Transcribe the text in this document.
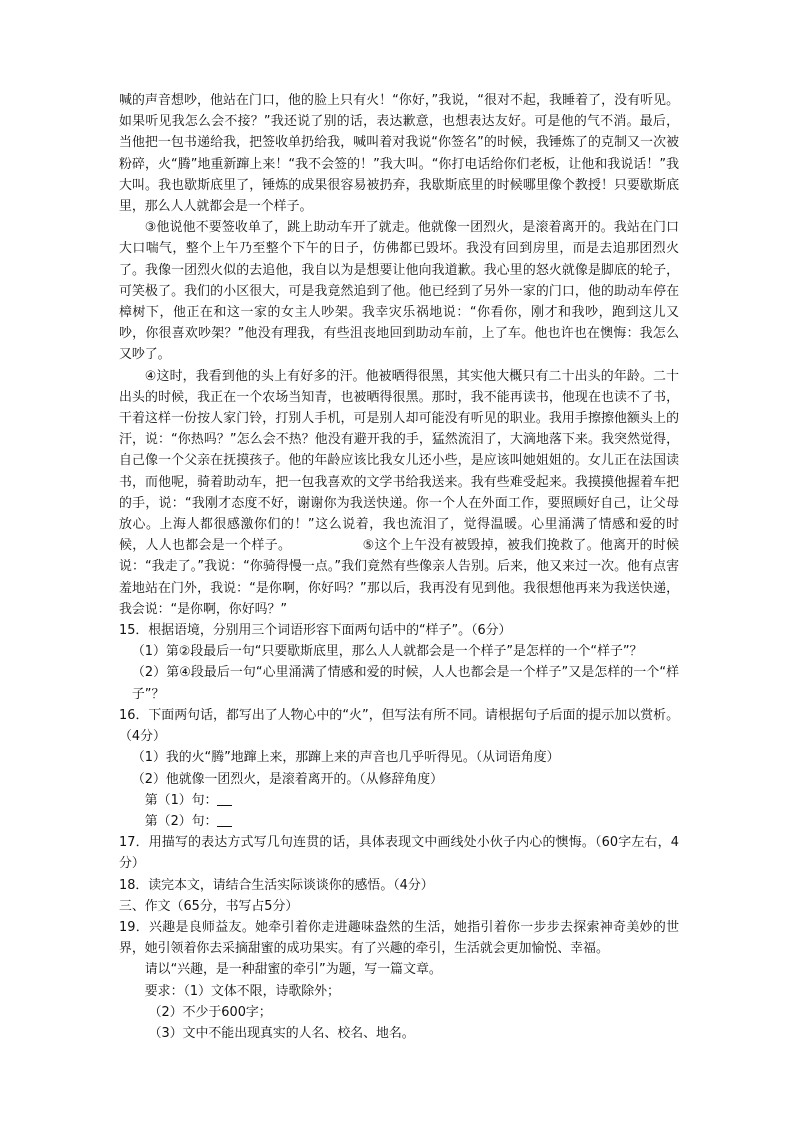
喊的声音想吵，他站在门口，他的脸上只有火！“你好，”我说，“很对不起，我睡着了，没有听见。如果听见我怎么会不接？”我还说了别的话，表达歉意，也想表达友好。可是他的气不消。最后，当他把一包书递给我，把签收单扔给我，喊叫着对我说“你签名”的时候，我锤炼了的克制又一次被粉碎，火“腾”地重新蹿上来！“我不会签的！”我大叫。“你打电话给你们老板，让他和我说话！”我大叫。我也歇斯底里了，锤炼的成果很容易被扔弃，我歇斯底里的时候哪里像个教授！只要歇斯底里，那么人人就都会是一个样子。

③他说他不要签收单了，跳上助动车开了就走。他就像一团烈火，是滚着离开的。我站在门口大口喘气，整个上午乃至整个下午的日子，仿佛都已毁坏。我没有回到房里，而是去追那团烈火了。我像一团烈火似的去追他，我自以为是想要让他向我道歉。我心里的怒火就像是脚底的轮子，可笑极了。我们的小区很大，可是我竟然追到了他。他已经到了另外一家的门口，他的助动车停在樟树下，他正在和这一家的女主人吵架。我幸灾乐祸地说：“你看你，刚才和我吵，跑到这儿又吵，你很喜欢吵架？”他没有理我，有些沮丧地回到助动车前，上了车。他也许也在懊悔：我怎么又吵了。

④这时，我看到他的头上有好多的汗。他被晒得很黑，其实他大概只有二十出头的年龄。二十出头的时候，我正在一个农场当知青，也被晒得很黑。那时，我不能再读书，他现在也读不了书，干着这样一份按人家门铃，打别人手机，可是别人却可能没有听见的职业。我用手擦擦他额头上的汗，说：“你热吗？”怎么会不热？他没有避开我的手，猛然流泪了，大滴地落下来。我突然觉得，自己像一个父亲在抚摸孩子。他的年龄应该比我女儿还小些，是应该叫她姐姐的。女儿正在法国读书，而他呢，骑着助动车，把一包我喜欢的文学书给我送来。我有些难受起来。我摸摸他握着车把的手，说：“我刚才态度不好，谢谢你为我送快递。你一个人在外面工作，要照顾好自己，让父母放心。上海人都很感激你们的！”这么说着，我也流泪了，觉得温暖。心里涌满了情感和爱的时候，人人也都会是一个样子。	⑤这个上午没有被毁掉，被我们挽救了。他离开的时候说：“我走了。”我说：“你骑得慢一点。”我们竟然有些像亲人告别。后来，他又来过一次。他有点害羞地站在门外，我说：“是你啊，你好吗？”那以后，我再没有见到他。我很想他再来为我送快递，我会说：“是你啊，你好吗？”

15．根据语境，分别用三个词语形容下面两句话中的“样子”。（6分）

（1）第②段最后一句“只要歇斯底里，那么人人就都会是一个样子”是怎样的一个“样子”？

（2）第④段最后一句“心里涌满了情感和爱的时候，人人也都会是一个样子”又是怎样的一个“样子”？

16．下面两句话，都写出了人物心中的“火”，但写法有所不同。请根据句子后面的提示加以赏析。（4分）

（1）我的火“腾”地蹿上来，那蹿上来的声音也几乎听得见。（从词语角度）

（2）他就像一团烈火，是滚着离开的。（从修辞角度）

第（1）句：

第（2）句：

17．用描写的表达方式写几句连贯的话，具体表现文中画线处小伙子内心的懊悔。（60字左右，4分）

18．读完本文，请结合生活实际谈谈你的感悟。（4分）

三、作文（65分，书写占5分）

19．兴趣是良师益友。她牵引着你走进趣味盎然的生活，她指引着你一步步去探索神奇美妙的世界，她引领着你去采摘甜蜜的成功果实。有了兴趣的牵引，生活就会更加愉悦、幸福。

请以“兴趣，是一种甜蜜的牵引”为题，写一篇文章。

要求：（1）文体不限，诗歌除外；

（2）不少于600字；

（3）文中不能出现真实的人名、校名、地名。
